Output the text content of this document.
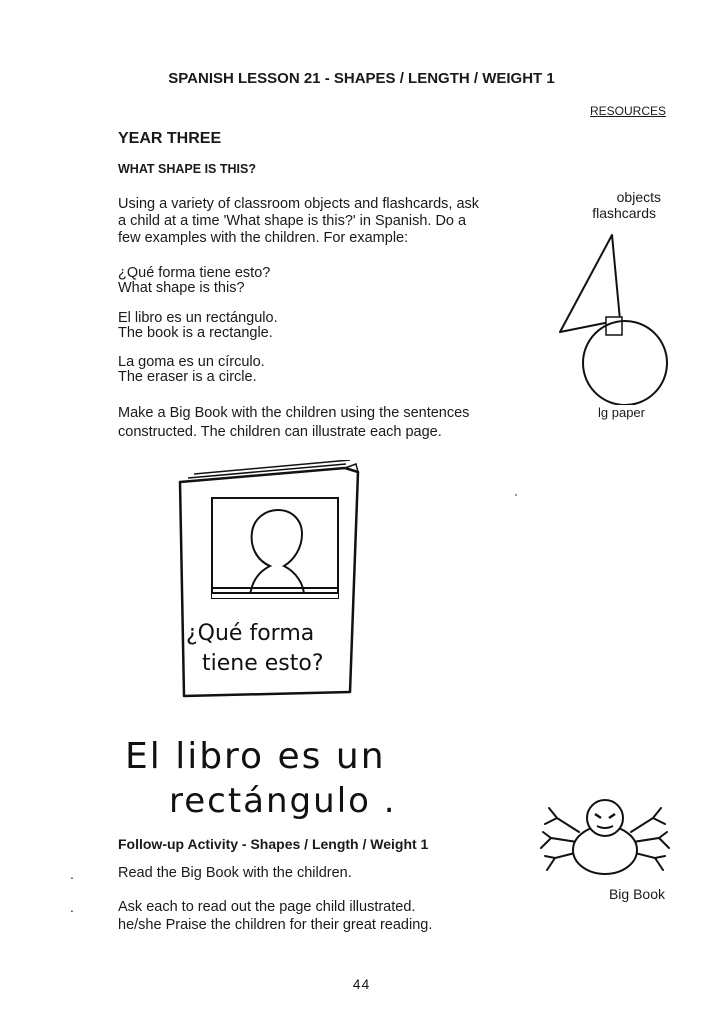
SPANISH LESSON 21 - SHAPES / LENGTH / WEIGHT 1
RESOURCES
YEAR THREE
WHAT SHAPE IS THIS?
Using a variety of classroom objects and flashcards, ask
a child at a time 'What shape is this?' in Spanish. Do a
few examples with the children. For example:
¿Qué forma tiene esto?
What shape is this?
El libro es un rectángulo.
The book is a rectangle.
La goma es un círculo.
The eraser is a circle.
Make a Big Book with the children using the sentences
constructed. The children can illustrate each page.
objects
flashcards
lg paper
¿Qué forma
tiene esto?
El libro es un
rectángulo .
Follow-up Activity - Shapes / Length / Weight 1
.	Read the Big Book with the children.
.	Ask each to read out the page child illustrated.
he/she Praise the children for their great reading.
Big Book
44
